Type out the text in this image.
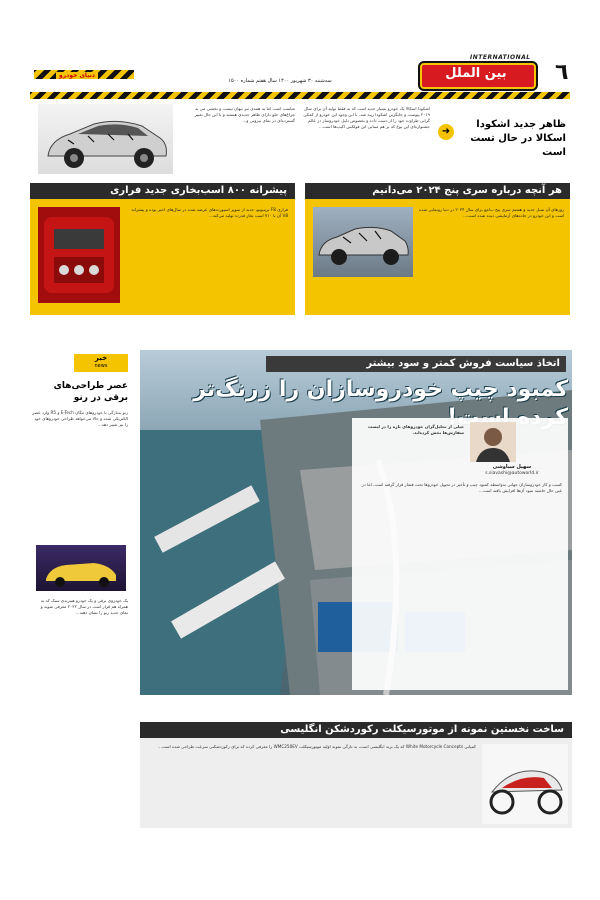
٦
INTERNATIONAL
بین الملل
سه‌شنبه ۳۰ شهریور ۱۴۰۰ سال هفتم شماره ۱۵۰۰
دنیای خودرو
مناسب است اما به همه‌ی نیز بیهان نیست و بخشی می به چراغ‌های جلو دارای ظاهر جدیدی هستند و با این حال تغییر گسترده‌ای در نمای بیرونی و...
اشکودا اسکالا یک خودرو بسیار جدید است که به فقط تولید آن برای سال ۲۰۱۹ پیوست و جایگزین اشکودا رپید شد. با این وجود این خودرو از کمکی گرانی طراوت خود را از دست داده و بخصوص دلیل خودروساز در عالم جشنواره‌ای این نوع که بر هم مبنایی این فولکس اکیپ‌ها است...	➜
ظاهر جدید اشکودا اسکالا در حال تست است
پیشرانه ۸۰۰ اسب‌بخاری جدید فراری
فراری F8 تریبیوتو، جدید از سوپر اسپورت‌های عرضه شده در سال‌های اخیر بوده و پیشرانه V8 آن با ۷۱۰ اسب بخار قدرت تولید می‌کند...
هر آنچه درباره سری پنج ۲۰۲۴ می‌دانیم
روزهای آن نسل جدید و هشتم سری پنج ب‌ام‌و برای سال ۲۰۲۴ در دنیا رونمایی شده است و این خودرو در جاده‌های آزمایشی دیده شده است...
خبر
news
عصر طراحی‌های برقی در رنو
رنو به‌تازگی با خودروهای مگان E-Tech و R5 وارد عصر الکتریکی شده و حالا می‌خواهد طراحی خودروهای خود را نیز تغییر دهد...
یک خودروی برقی و یک خودرو هیبریدی سبک که به همراه هم قرار است در سال ۲۰۲۲ معرفی شوند و نمای جدید رنو را نشان دهند...
اتخاذ سیاست فروش کمتر و سود بیشتر
کمبود چیپ خودروسازان را زرنگ‌تر
سهیل سیاوشی
s.siavashi@autoworld.ir
خیلی از تحلیل‌گران خودروهای تازه را در لیست سفارش‌ها بخش کرده‌اند.
کسب و کار خودروسازان جهانی به‌واسطه کمبود چیپ و تأخیر در تحویل خودروها تحت فشار قرار گرفته است، اما در عین حال حاشیه سود آن‌ها افزایش یافته است...
ساخت نخستین نمونه از موتورسیکلت رکوردشکن انگلیسی
کمپانی White Motorcycle Concepts که یک برند انگلیسی است، به تازگی نمونه اولیه موتورسیکلت WMC250EV را معرفی کرده که برای رکوردشکنی سرعت طراحی شده است...
